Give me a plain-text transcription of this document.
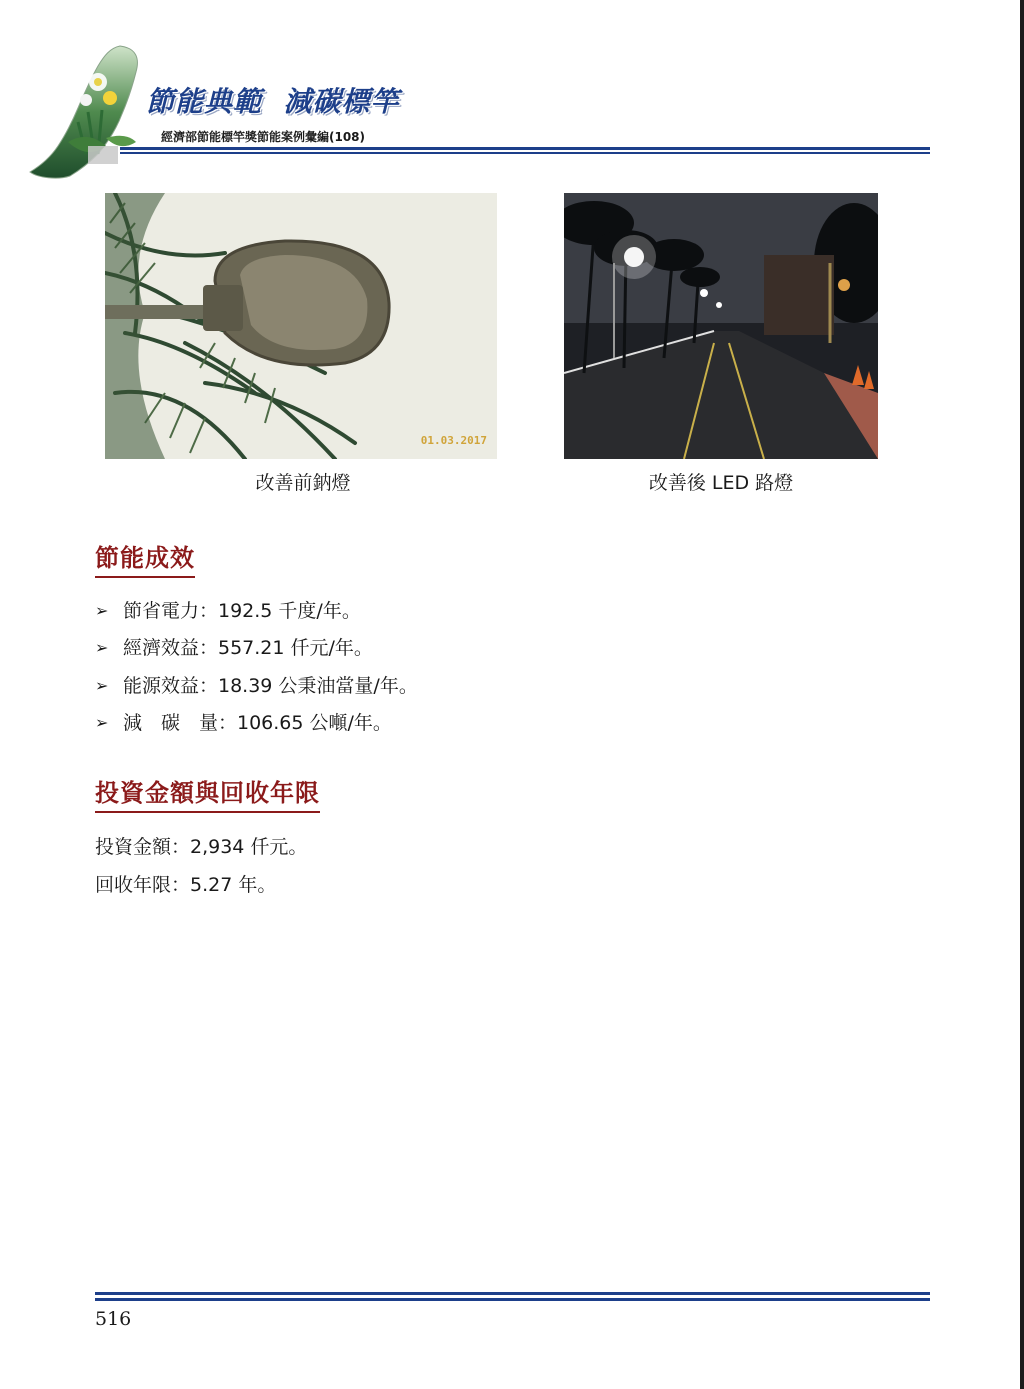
節能典範  減碳標竿
經濟部節能標竿獎節能案例彙編(108)
01.03.2017
改善前鈉燈	改善後 LED 路燈
節能成效
➢ 節省電力：192.5 千度/年。
➢ 經濟效益：557.21 仟元/年。
➢ 能源效益：18.39 公秉油當量/年。
➢ 減　碳　量：106.65 公噸/年。
投資金額與回收年限
投資金額：2,934 仟元。
回收年限：5.27 年。
516
